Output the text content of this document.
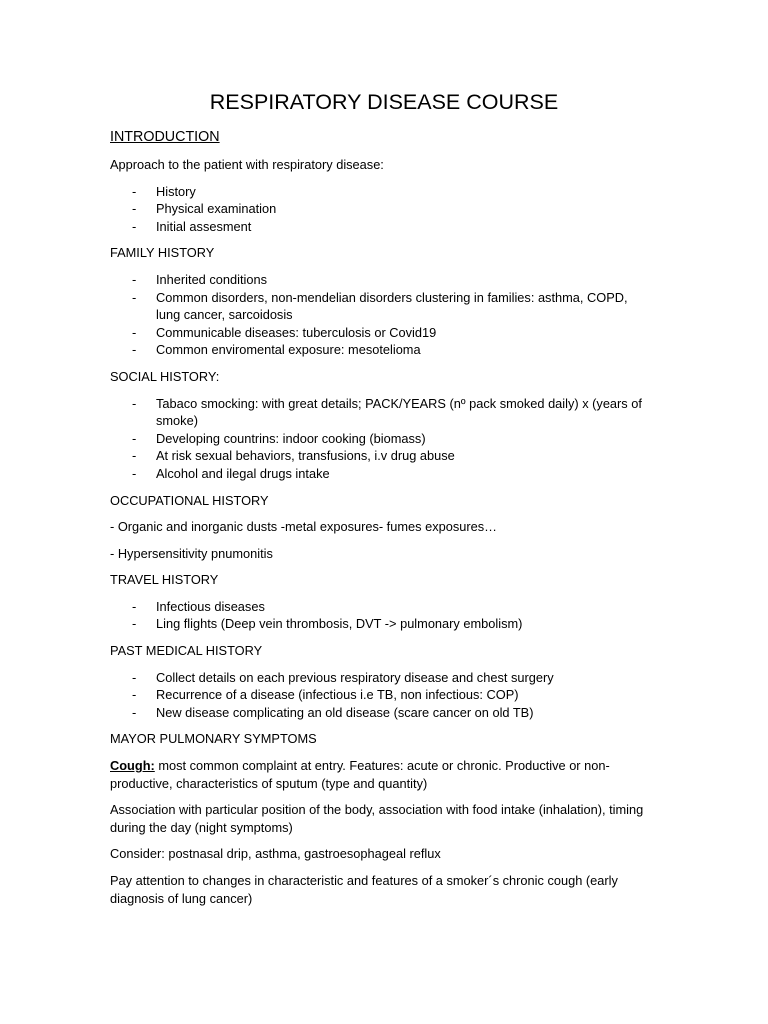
RESPIRATORY DISEASE COURSE

INTRODUCTION

Approach to the patient with respiratory disease:

- History
- Physical examination
- Initial assesment

FAMILY HISTORY

- Inherited conditions
- Common disorders, non-mendelian disorders clustering in families: asthma, COPD, lung cancer, sarcoidosis
- Communicable diseases: tuberculosis or Covid19
- Common enviromental exposure: mesotelioma

SOCIAL HISTORY:

- Tabaco smocking: with great details; PACK/YEARS (nº pack smoked daily) x (years of smoke)
- Developing countrins: indoor cooking (biomass)
- At risk sexual behaviors, transfusions, i.v drug abuse
- Alcohol and ilegal drugs intake

OCCUPATIONAL HISTORY

- Organic and inorganic dusts -metal exposures- fumes exposures…

- Hypersensitivity pnumonitis

TRAVEL HISTORY

- Infectious diseases
- Ling flights (Deep vein thrombosis, DVT -> pulmonary embolism)

PAST MEDICAL HISTORY

- Collect details on each previous respiratory disease and chest surgery
- Recurrence of a disease (infectious i.e TB, non infectious: COP)
- New disease complicating an old disease (scare cancer on old TB)

MAYOR PULMONARY SYMPTOMS

Cough: most common complaint at entry. Features: acute or chronic. Productive or non-productive, characteristics of sputum (type and quantity)

Association with particular position of the body, association with food intake (inhalation), timing during the day (night symptoms)

Consider: postnasal drip, asthma, gastroesophageal reflux

Pay attention to changes in characteristic and features of a smoker´s chronic cough (early diagnosis of lung cancer)
